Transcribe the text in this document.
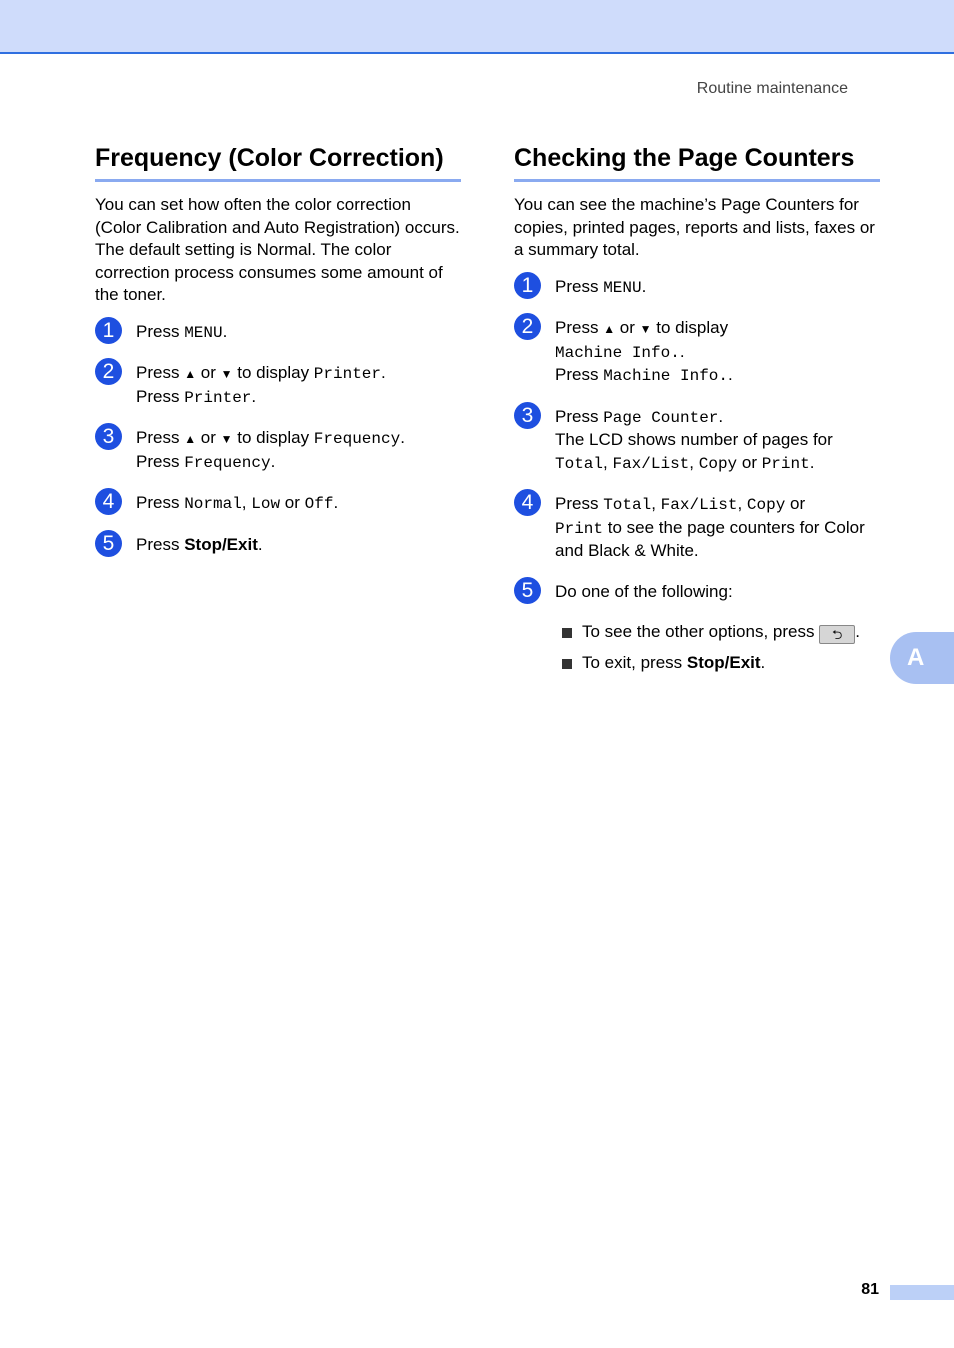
Routine maintenance
Frequency (Color Correction)

You can set how often the color correction (Color Calibration and Auto Registration) occurs. The default setting is Normal. The color correction process consumes some amount of the toner.

1	Press MENU.
2	Press ▲ or ▼ to display Printer.
Press Printer.
3	Press ▲ or ▼ to display Frequency.
Press Frequency.
4	Press Normal, Low or Off.
5	Press Stop/Exit.
Checking the Page Counters

You can see the machine’s Page Counters for copies, printed pages, reports and lists, faxes or a summary total.

1	Press MENU.
2	Press ▲ or ▼ to display
Machine Info..
Press Machine Info..
3	Press Page Counter.
The LCD shows number of pages for
Total, Fax/List, Copy or Print.
4	Press Total, Fax/List, Copy or
Print to see the page counters for Color and Black & White.
5	Do one of the following:
To see the other options, press ⮌ .
To exit, press Stop/Exit.	A
81
